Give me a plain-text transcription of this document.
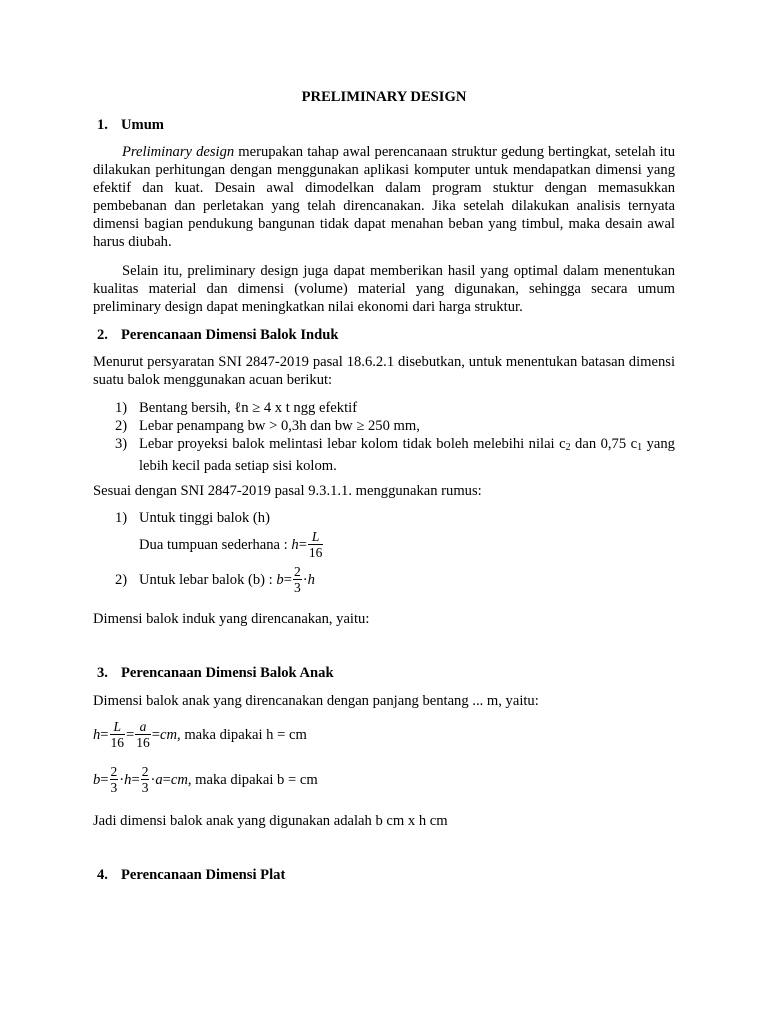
PRELIMINARY DESIGN
1. Umum
Preliminary design merupakan tahap awal perencanaan struktur gedung bertingkat, setelah itu dilakukan perhitungan dengan menggunakan aplikasi komputer untuk mendapatkan dimensi yang efektif dan kuat. Desain awal dimodelkan dalam program stuktur dengan memasukkan pembebanan dan perletakan yang telah direncanakan. Jika setelah dilakukan analisis ternyata dimensi bagian pendukung bangunan tidak dapat menahan beban yang timbul, maka desain awal harus diubah.
Selain itu, preliminary design juga dapat memberikan hasil yang optimal dalam menentukan kualitas material dan dimensi (volume) material yang digunakan, sehingga secara umum preliminary design dapat meningkatkan nilai ekonomi dari harga struktur.
2. Perencanaan Dimensi Balok Induk
Menurut persyaratan SNI 2847-2019 pasal 18.6.2.1 disebutkan, untuk menentukan batasan dimensi suatu balok menggunakan acuan berikut:
1) Bentang bersih, ℓn ≥ 4 x t ngg efektif
2) Lebar penampang bw > 0,3h dan bw ≥ 250 mm,
3) Lebar proyeksi balok melintasi lebar kolom tidak boleh melebihi nilai $c_2$ dan 0,75 $c_1$ yang lebih kecil pada setiap sisi kolom.
Sesuai dengan SNI 2847-2019 pasal 9.3.1.1. menggunakan rumus:
1) Untuk tinggi balok (h)
Dua tumpuan sederhana : $h= \frac{L}{16}$
2) Untuk lebar balok (b) : $b= \frac{2}{3} \cdot h$
Dimensi balok induk yang direncanakan, yaitu:
3. Perencanaan Dimensi Balok Anak
Dimensi balok anak yang direncanakan dengan panjang bentang ... m, yaitu:
$h= \frac{L}{16} = \frac{a}{16} =cm$, maka dipakai h = cm
$b= \frac{2}{3} \cdot h= \frac{2}{3} \cdot a=cm$, maka dipakai b = cm
Jadi dimensi balok anak yang digunakan adalah b cm x h cm
4. Perencanaan Dimensi Plat
